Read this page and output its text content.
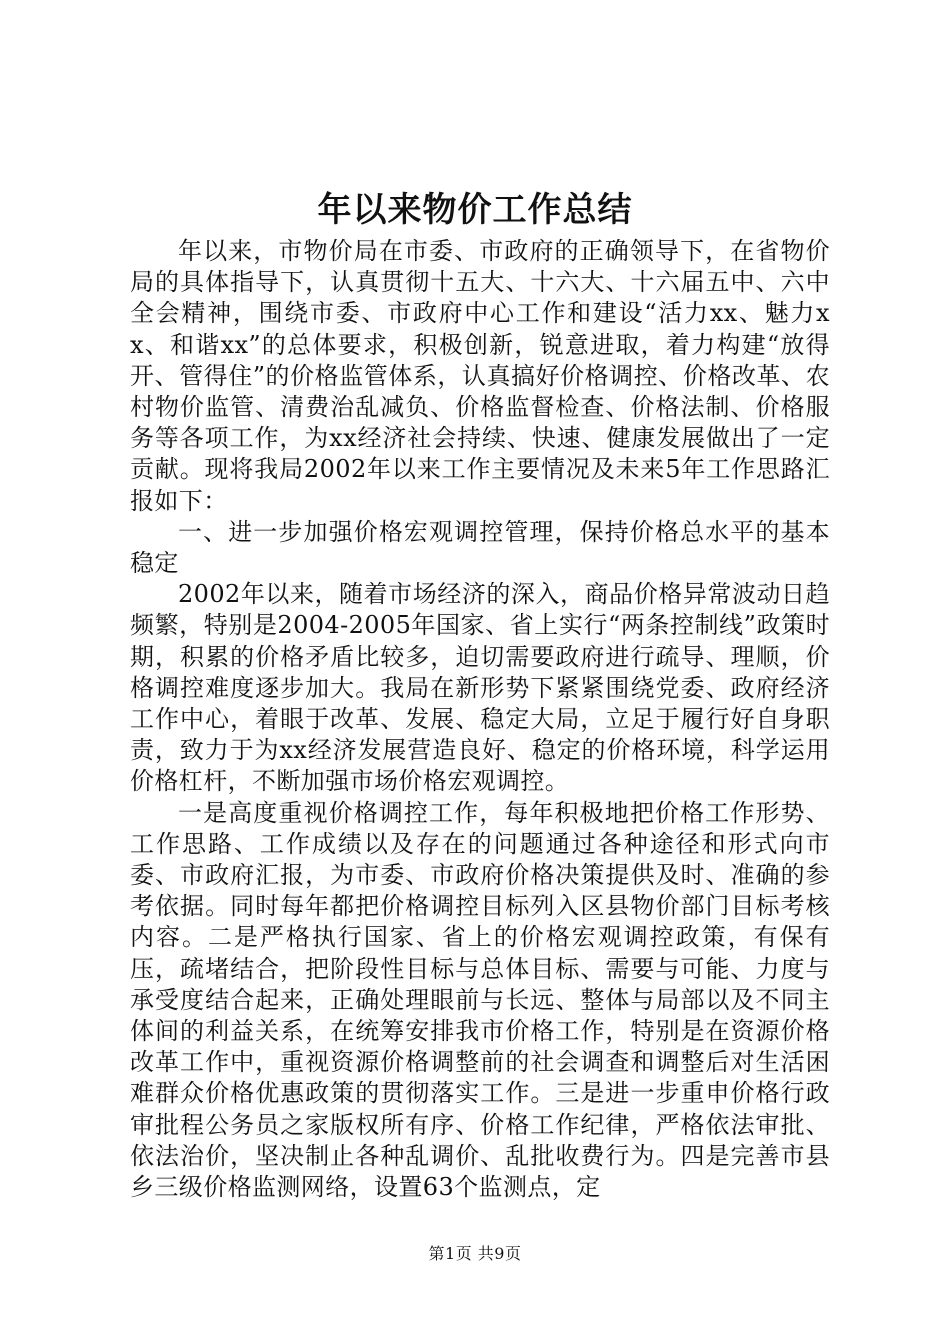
年以来物价工作总结

年以来，市物价局在市委、市政府的正确领导下，在省物价局的具体指导下，认真贯彻十五大、十六大、十六届五中、六中全会精神，围绕市委、市政府中心工作和建设“活力xx、魅力xx、和谐xx”的总体要求，积极创新，锐意进取，着力构建“放得开、管得住”的价格监管体系，认真搞好价格调控、价格改革、农村物价监管、清费治乱减负、价格监督检查、价格法制、价格服务等各项工作，为xx经济社会持续、快速、健康发展做出了一定贡献。现将我局2002年以来工作主要情况及未来5年工作思路汇报如下：

一、进一步加强价格宏观调控管理，保持价格总水平的基本稳定

2002年以来，随着市场经济的深入，商品价格异常波动日趋频繁，特别是2004-2005年国家、省上实行“两条控制线”政策时期，积累的价格矛盾比较多，迫切需要政府进行疏导、理顺，价格调控难度逐步加大。我局在新形势下紧紧围绕党委、政府经济工作中心，着眼于改革、发展、稳定大局，立足于履行好自身职责，致力于为xx经济发展营造良好、稳定的价格环境，科学运用价格杠杆，不断加强市场价格宏观调控。

一是高度重视价格调控工作，每年积极地把价格工作形势、工作思路、工作成绩以及存在的问题通过各种途径和形式向市委、市政府汇报，为市委、市政府价格决策提供及时、准确的参考依据。同时每年都把价格调控目标列入区县物价部门目标考核内容。二是严格执行国家、省上的价格宏观调控政策，有保有压，疏堵结合，把阶段性目标与总体目标、需要与可能、力度与承受度结合起来，正确处理眼前与长远、整体与局部以及不同主体间的利益关系，在统筹安排我市价格工作，特别是在资源价格改革工作中，重视资源价格调整前的社会调查和调整后对生活困难群众价格优惠政策的贯彻落实工作。三是进一步重申价格行政审批程公务员之家版权所有序、价格工作纪律，严格依法审批、依法治价，坚决制止各种乱调价、乱批收费行为。四是完善市县乡三级价格监测网络，设置63个监测点，定

第1页 共9页
